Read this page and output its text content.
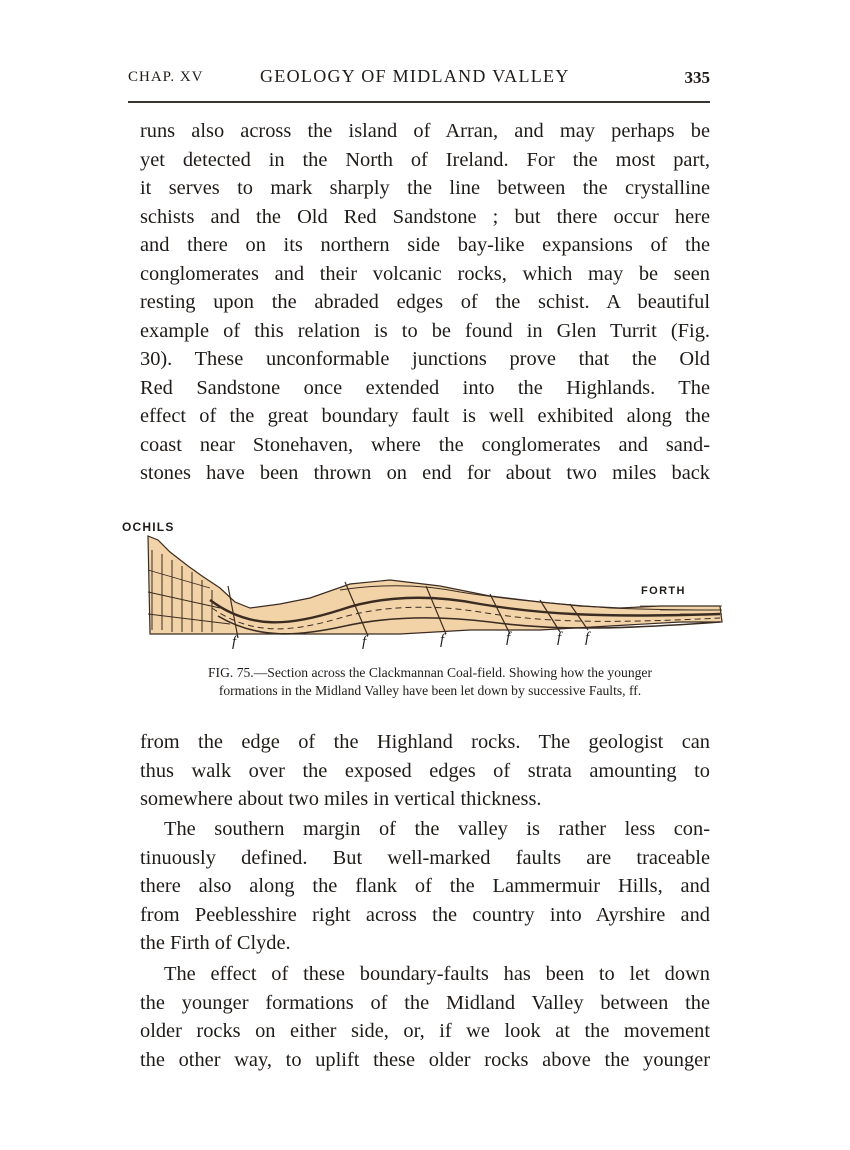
CHAP. XV	GEOLOGY OF MIDLAND VALLEY	335

runs also across the island of Arran, and may perhaps be

yet detected in the North of Ireland. For the most part,

it serves to mark sharply the line between the crystalline

schists and the Old Red Sandstone ; but there occur here

and there on its northern side bay-like expansions of the

conglomerates and their volcanic rocks, which may be seen

resting upon the abraded edges of the schist. A beautiful

example of this relation is to be found in Glen Turrit (Fig.

30). These unconformable junctions prove that the Old

Red Sandstone once extended into the Highlands. The

effect of the great boundary fault is well exhibited along the

coast near Stonehaven, where the conglomerates and sand-

stones have been thrown on end for about two miles back

OCHILS
FORTH
f	f	f	f	f f
FIG. 75.—Section across the Clackmannan Coal-field. Showing how the younger
formations in the Midland Valley have been let down by successive Faults, ff.

from the edge of the Highland rocks. The geologist can

thus walk over the exposed edges of strata amounting to

somewhere about two miles in vertical thickness.

The southern margin of the valley is rather less con-

tinuously defined. But well-marked faults are traceable

there also along the flank of the Lammermuir Hills, and

from Peeblesshire right across the country into Ayrshire and

the Firth of Clyde.

The effect of these boundary-faults has been to let down

the younger formations of the Midland Valley between the

older rocks on either side, or, if we look at the movement

the other way, to uplift these older rocks above the younger
